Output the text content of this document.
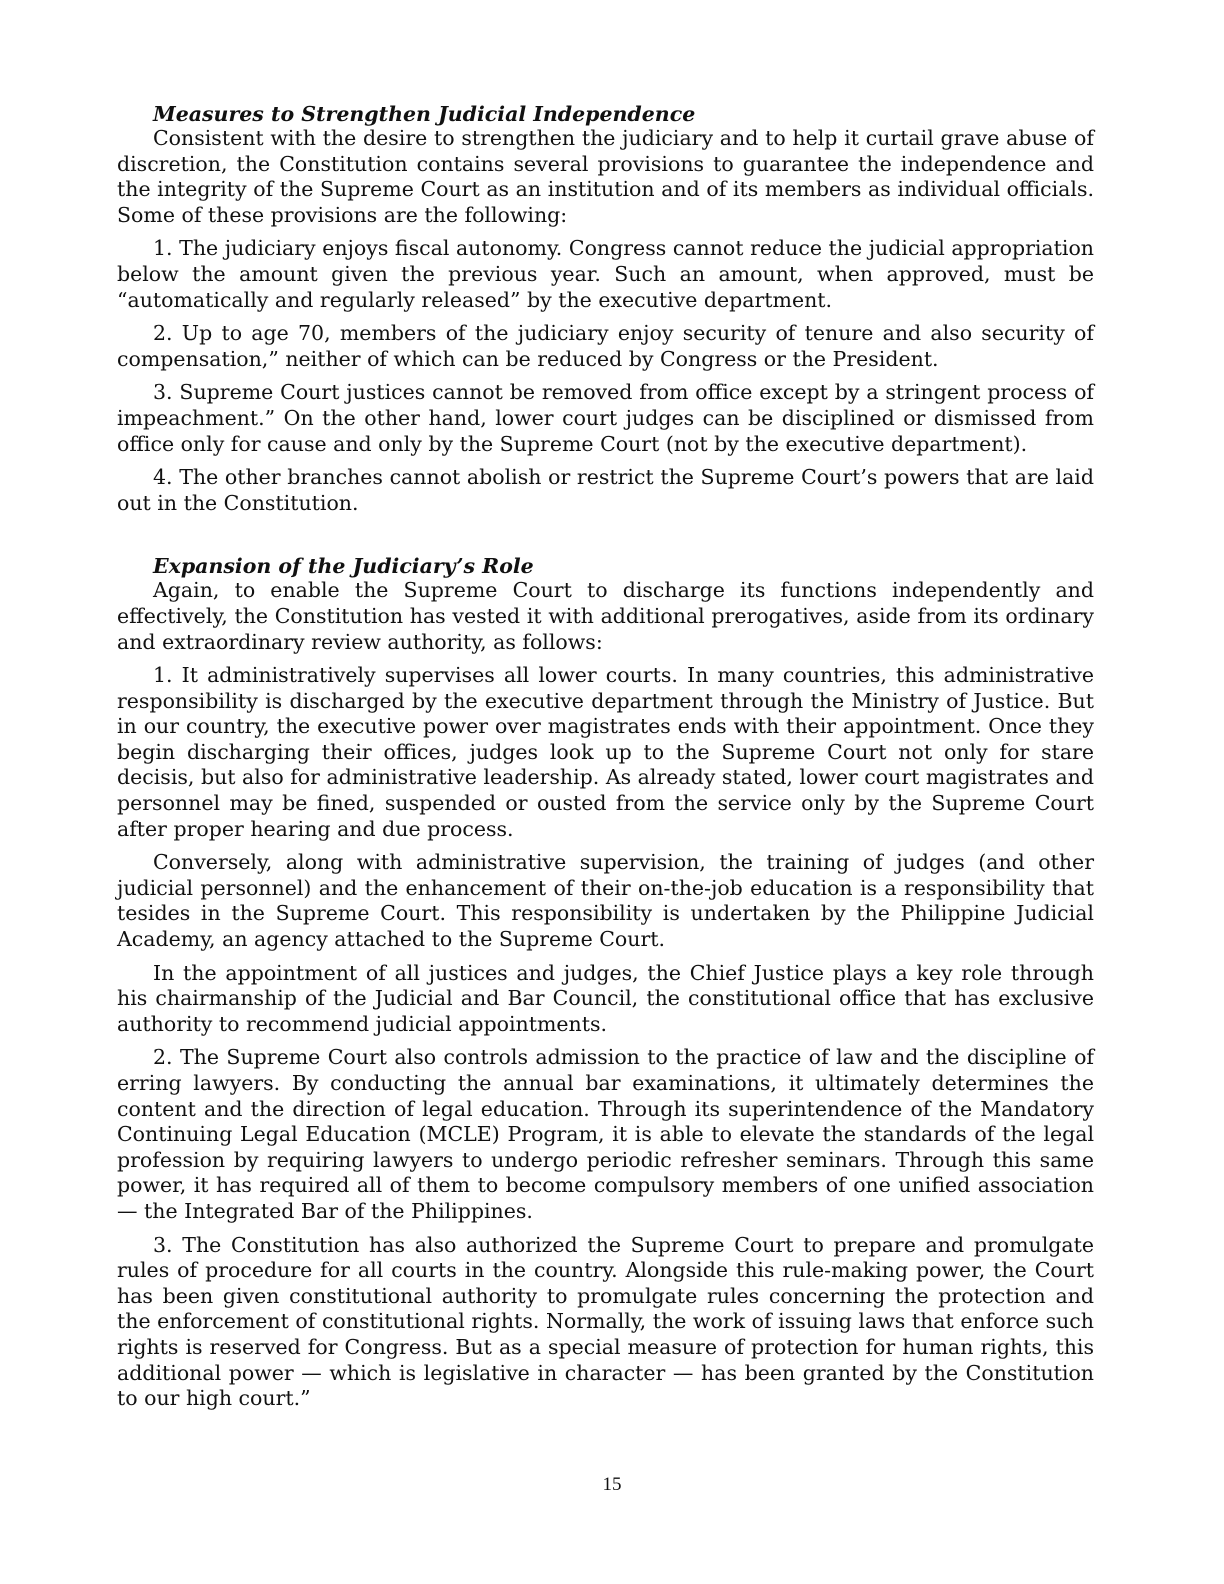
Measures to Strengthen Judicial Independence

Consistent with the desire to strengthen the judiciary and to help it curtail grave abuse of discretion, the Constitution contains several provisions to guarantee the independence and the integrity of the Supreme Court as an institution and of its members as individual officials. Some of these provisions are the following:

1. The judiciary enjoys fiscal autonomy. Congress cannot reduce the judicial appropriation below the amount given the previous year. Such an amount, when approved, must be “automatically and regularly released” by the executive department.

2. Up to age 70, members of the judiciary enjoy security of tenure and also security of compensation,” neither of which can be reduced by Congress or the President.

3. Supreme Court justices cannot be removed from office except by a stringent process of impeachment.” On the other hand, lower court judges can be disciplined or dismissed from office only for cause and only by the Supreme Court (not by the executive department).

4. The other branches cannot abolish or restrict the Supreme Court’s powers that are laid out in the Constitution.

Expansion of the Judiciary’s Role

Again, to enable the Supreme Court to discharge its functions independently and effectively, the Constitution has vested it with additional prerogatives, aside from its ordinary and extraordinary review authority, as follows:

1. It administratively supervises all lower courts. In many countries, this administrative responsibility is discharged by the executive department through the Ministry of Justice. But in our country, the executive power over magistrates ends with their appointment. Once they begin discharging their offices, judges look up to the Supreme Court not only for stare decisis, but also for administrative leadership. As already stated, lower court magistrates and personnel may be fined, suspended or ousted from the service only by the Supreme Court after proper hearing and due process.

Conversely, along with administrative supervision, the training of judges (and other judicial personnel) and the enhancement of their on-the-job education is a responsibility that tesides in the Supreme Court. This responsibility is undertaken by the Philippine Judicial Academy, an agency attached to the Supreme Court.

In the appointment of all justices and judges, the Chief Justice plays a key role through his chairmanship of the Judicial and Bar Council, the constitutional office that has exclusive authority to recommend judicial appointments.

2. The Supreme Court also controls admission to the practice of law and the discipline of erring lawyers. By conducting the annual bar examinations, it ultimately determines the content and the direction of legal education. Through its superintendence of the Mandatory Continuing Legal Education (MCLE) Program, it is able to elevate the standards of the legal profession by requiring lawyers to undergo periodic refresher seminars. Through this same power, it has required all of them to become compulsory members of one unified association — the Integrated Bar of the Philippines.

3. The Constitution has also authorized the Supreme Court to prepare and promulgate rules of procedure for all courts in the country. Alongside this rule-making power, the Court has been given constitutional authority to promulgate rules concerning the protection and the enforcement of constitutional rights. Normally, the work of issuing laws that enforce such rights is reserved for Congress. But as a special measure of protection for human rights, this additional power — which is legislative in character — has been granted by the Constitution to our high court.”

15
